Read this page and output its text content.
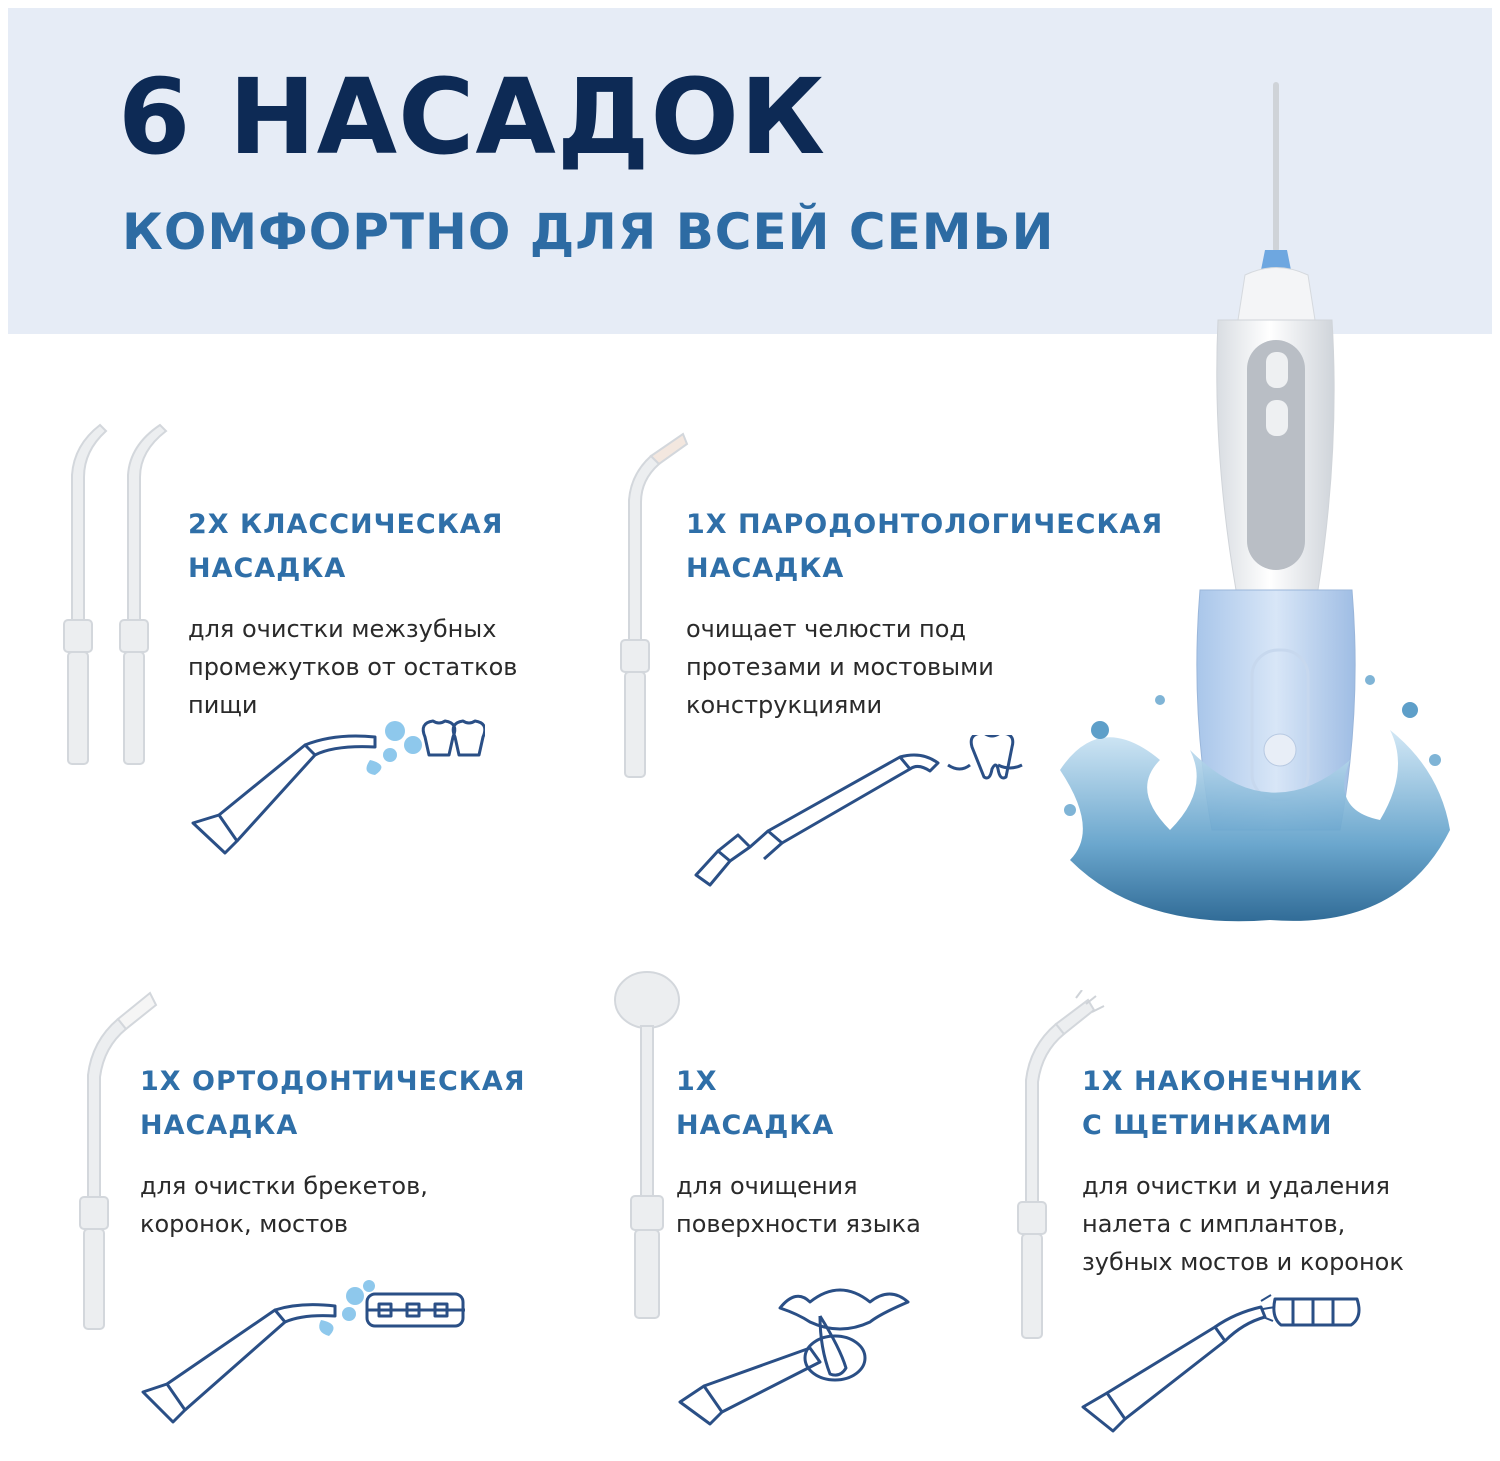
6 НАСАДОК
КОМФОРТНО ДЛЯ ВСЕЙ СЕМЬИ
2X КЛАССИЧЕСКАЯ
НАСАДКА
для очистки межзубных
промежутков от остатков
пищи
1X ПАРОДОНТОЛОГИЧЕСКАЯ
НАСАДКА
очищает челюсти под
протезами и мостовыми
конструкциями
1X ОРТОДОНТИЧЕСКАЯ
НАСАДКА
для очистки брекетов,
коронок, мостов
1X
НАСАДКА
для очищения
поверхности языка
1X НАКОНЕЧНИК
С ЩЕТИНКАМИ
для очистки и удаления
налета с имплантов,
зубных мостов и коронок
